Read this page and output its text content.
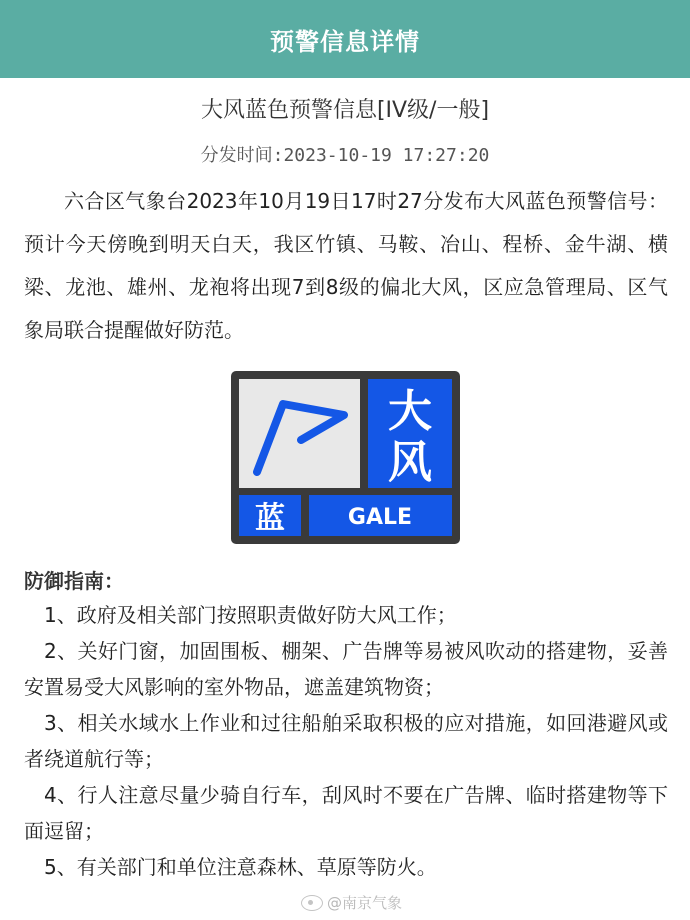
预警信息详情
大风蓝色预警信息[IV级/一般]
分发时间:2023-10-19 17:27:20

六合区气象台2023年10月19日17时27分发布大风蓝色预警信号：预计今天傍晚到明天白天，我区竹镇、马鞍、冶山、程桥、金牛湖、横梁、龙池、雄州、龙袍将出现7到8级的偏北大风，区应急管理局、区气象局联合提醒做好防范。

大
风
蓝	GALE
防御指南：
1、政府及相关部门按照职责做好防大风工作；
2、关好门窗，加固围板、棚架、广告牌等易被风吹动的搭建物，妥善安置易受大风影响的室外物品，遮盖建筑物资；
3、相关水域水上作业和过往船舶采取积极的应对措施，如回港避风或者绕道航行等；
4、行人注意尽量少骑自行车，刮风时不要在广告牌、临时搭建物等下面逗留；
5、有关部门和单位注意森林、草原等防火。
@南京气象
